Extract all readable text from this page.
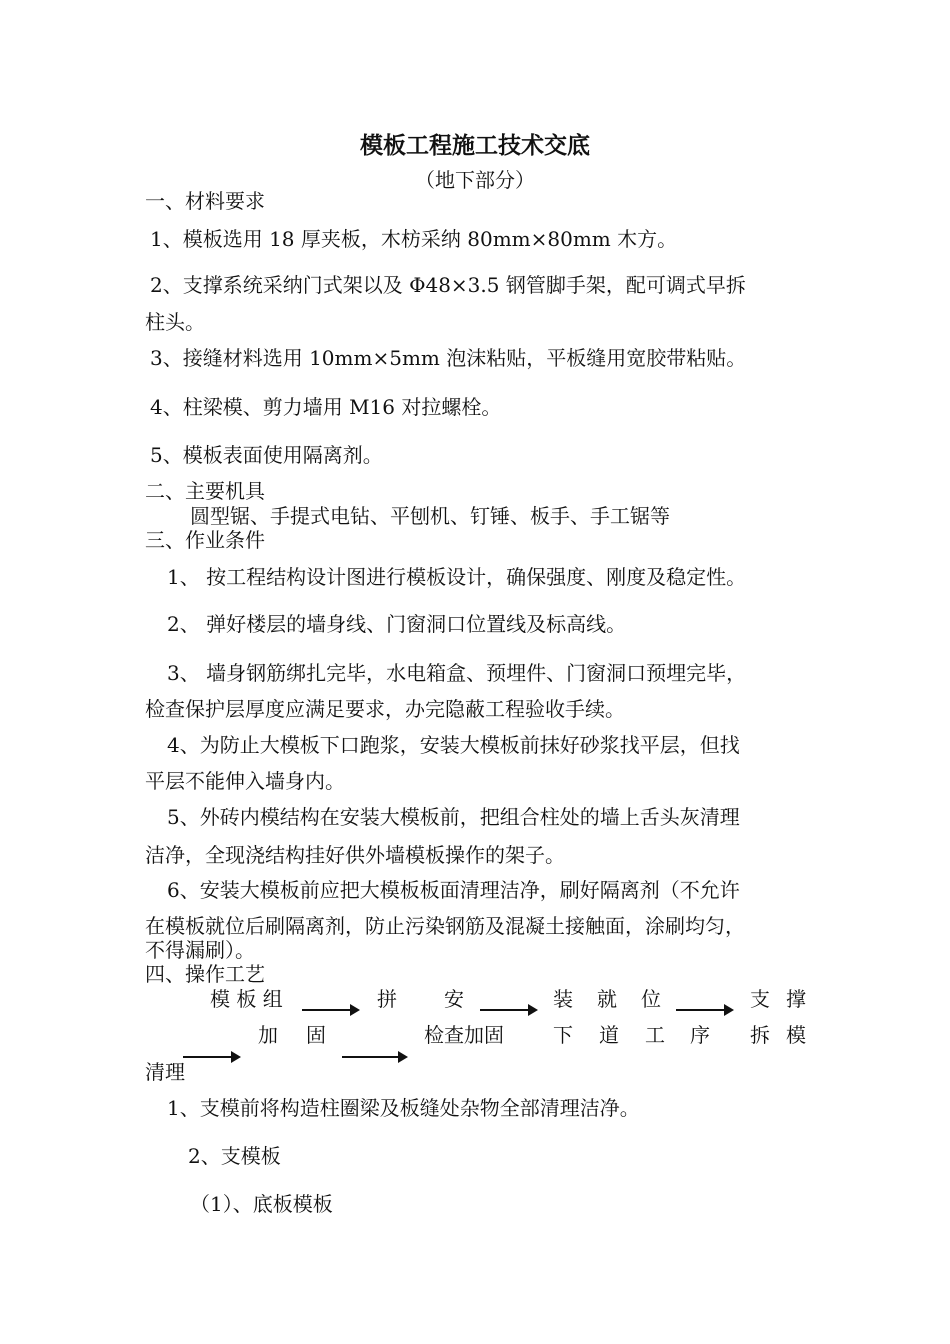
模板工程施工技术交底
（地下部分）
一、材料要求
1、模板选用 18 厚夹板，木枋采纳 80mm×80mm 木方。
2、支撑系统采纳门式架以及 Φ48×3.5 钢管脚手架，配可调式早拆
柱头。
3、接缝材料选用 10mm×5mm 泡沫粘贴，平板缝用宽胶带粘贴。
4、柱梁模、剪力墙用 M16 对拉螺栓。
5、模板表面使用隔离剂。
二、主要机具
圆型锯、手提式电钻、平刨机、钉锤、板手、手工锯等
三、作业条件
1、 按工程结构设计图进行模板设计，确保强度、刚度及稳定性。
2、 弹好楼层的墙身线、门窗洞口位置线及标高线。
3、 墙身钢筋绑扎完毕，水电箱盒、预埋件、门窗洞口预埋完毕，
检查保护层厚度应满足要求，办完隐蔽工程验收手续。
4、为防止大模板下口跑浆，安装大模板前抹好砂浆找平层，但找
平层不能伸入墙身内。
5、外砖内模结构在安装大模板前，把组合柱处的墙上舌头灰清理
洁净，全现浇结构挂好供外墙模板操作的架子。
6、安装大模板前应把大模板板面清理洁净，刷好隔离剂（不允许
在模板就位后刷隔离剂，防止污染钢筋及混凝土接触面，涂刷均匀，
不得漏刷）。
四、操作工艺
模 板 组	拼 安	装 就 位	支 撑
加 固	检查加固 下 道 工 序 拆 模
清理
1、支模前将构造柱圈梁及板缝处杂物全部清理洁净。
2、支模板
（1）、底板模板
